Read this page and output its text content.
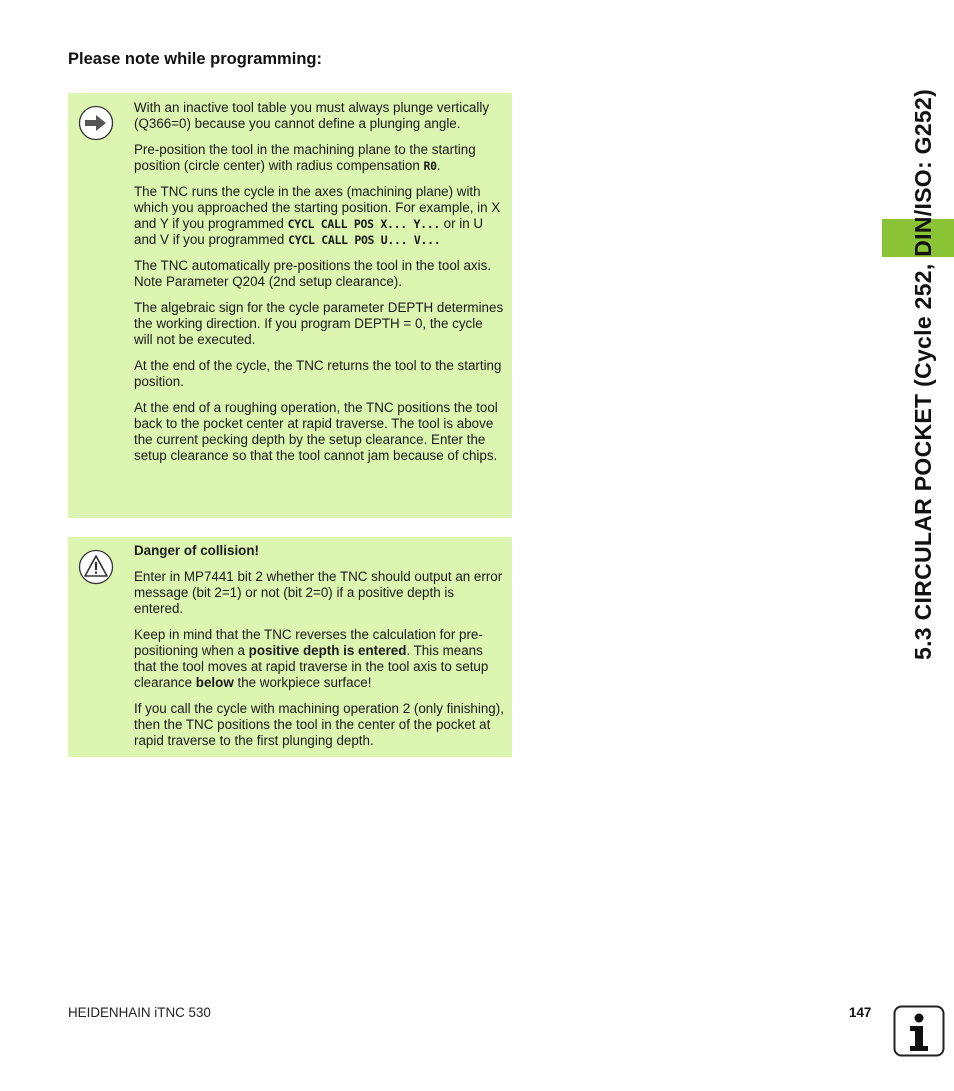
Please note while programming:

With an inactive tool table you must always plunge vertically (Q366=0) because you cannot define a plunging angle.

Pre-position the tool in the machining plane to the starting position (circle center) with radius compensation R0.

The TNC runs the cycle in the axes (machining plane) with which you approached the starting position. For example, in X and Y if you programmed CYCL CALL POS X... Y... or in U and V if you programmed CYCL CALL POS U... V...

The TNC automatically pre-positions the tool in the tool axis. Note Parameter Q204 (2nd setup clearance).

The algebraic sign for the cycle parameter DEPTH determines the working direction. If you program DEPTH = 0, the cycle will not be executed.

At the end of the cycle, the TNC returns the tool to the starting position.

At the end of a roughing operation, the TNC positions the tool back to the pocket center at rapid traverse. The tool is above the current pecking depth by the setup clearance. Enter the setup clearance so that the tool cannot jam because of chips.

Danger of collision!

Enter in MP7441 bit 2 whether the TNC should output an error message (bit 2=1) or not (bit 2=0) if a positive depth is entered.

Keep in mind that the TNC reverses the calculation for pre-positioning when a positive depth is entered. This means that the tool moves at rapid traverse in the tool axis to setup clearance below the workpiece surface!

If you call the cycle with machining operation 2 (only finishing), then the TNC positions the tool in the center of the pocket at rapid traverse to the first plunging depth.

5.3 CIRCULAR POCKET (Cycle 252, DIN/ISO: G252)
HEIDENHAIN iTNC 530	147
